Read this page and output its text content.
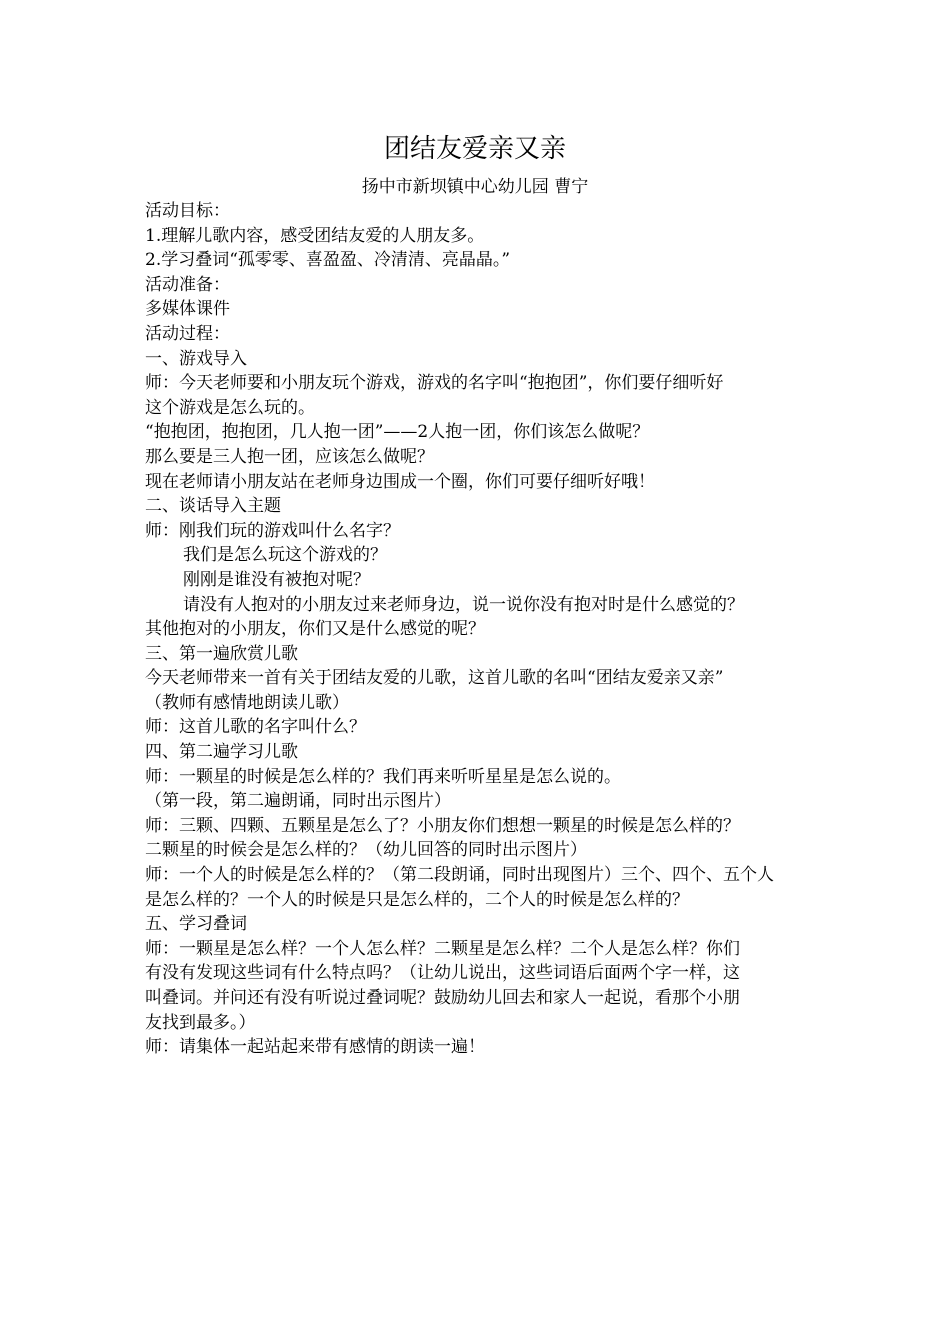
团结友爱亲又亲

扬中市新坝镇中心幼儿园 曹宁

活动目标：
1.理解儿歌内容，感受团结友爱的人朋友多。
2.学习叠词“孤零零、喜盈盈、冷清清、亮晶晶。”
活动准备：
多媒体课件
活动过程：
一、游戏导入
师：今天老师要和小朋友玩个游戏，游戏的名字叫“抱抱团”，你们要仔细听好
这个游戏是怎么玩的。
“抱抱团，抱抱团，几人抱一团”——2人抱一团，你们该怎么做呢？
那么要是三人抱一团，应该怎么做呢？
现在老师请小朋友站在老师身边围成一个圈，你们可要仔细听好哦！
二、谈话导入主题
师：刚我们玩的游戏叫什么名字？
我们是怎么玩这个游戏的？
刚刚是谁没有被抱对呢？
请没有人抱对的小朋友过来老师身边，说一说你没有抱对时是什么感觉的？
其他抱对的小朋友，你们又是什么感觉的呢？
三、第一遍欣赏儿歌
今天老师带来一首有关于团结友爱的儿歌，这首儿歌的名叫“团结友爱亲又亲”
（教师有感情地朗读儿歌）
师：这首儿歌的名字叫什么？
四、第二遍学习儿歌
师：一颗星的时候是怎么样的？我们再来听听星星是怎么说的。
（第一段，第二遍朗诵，同时出示图片）
师：三颗、四颗、五颗星是怎么了？小朋友你们想想一颗星的时候是怎么样的？
二颗星的时候会是怎么样的？（幼儿回答的同时出示图片）
师：一个人的时候是怎么样的？（第二段朗诵，同时出现图片）三个、四个、五个人
是怎么样的？一个人的时候是只是怎么样的，二个人的时候是怎么样的？
五、学习叠词
师：一颗星是怎么样？一个人怎么样？二颗星是怎么样？二个人是怎么样？你们
有没有发现这些词有什么特点吗？（让幼儿说出，这些词语后面两个字一样，这
叫叠词。并问还有没有听说过叠词呢？鼓励幼儿回去和家人一起说，看那个小朋
友找到最多。）
师：请集体一起站起来带有感情的朗读一遍！
